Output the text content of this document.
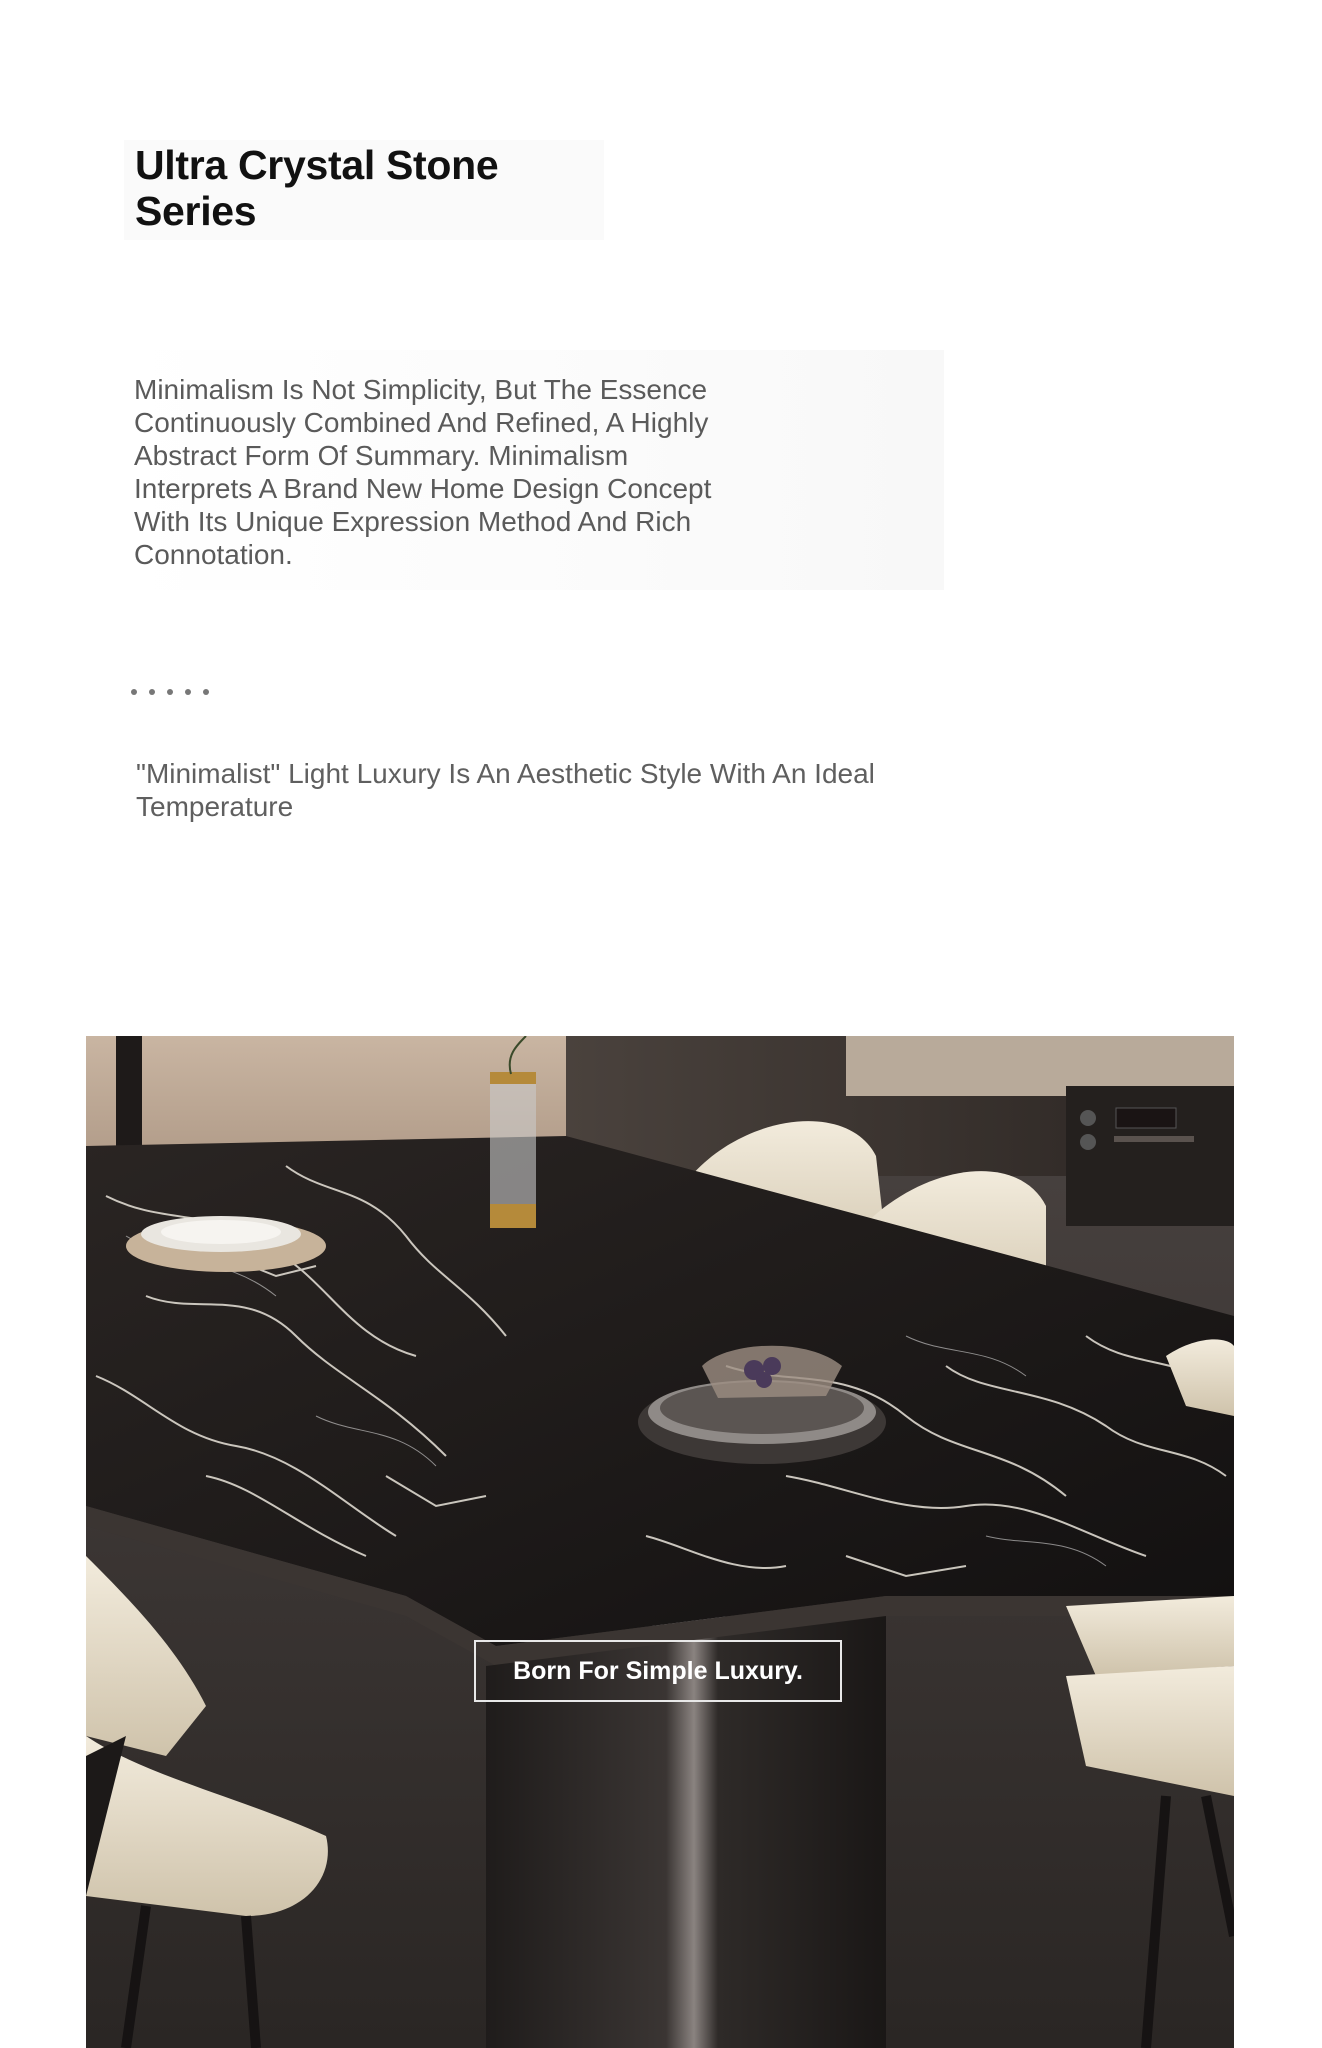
Ultra Crystal Stone Series

Minimalism Is Not Simplicity, But The Essence Continuously Combined And Refined, A Highly Abstract Form Of Summary. Minimalism Interprets A Brand New Home Design Concept With Its Unique Expression Method And Rich Connotation.

"Minimalist" Light Luxury Is An Aesthetic Style With An Ideal Temperature

Born For Simple Luxury.
